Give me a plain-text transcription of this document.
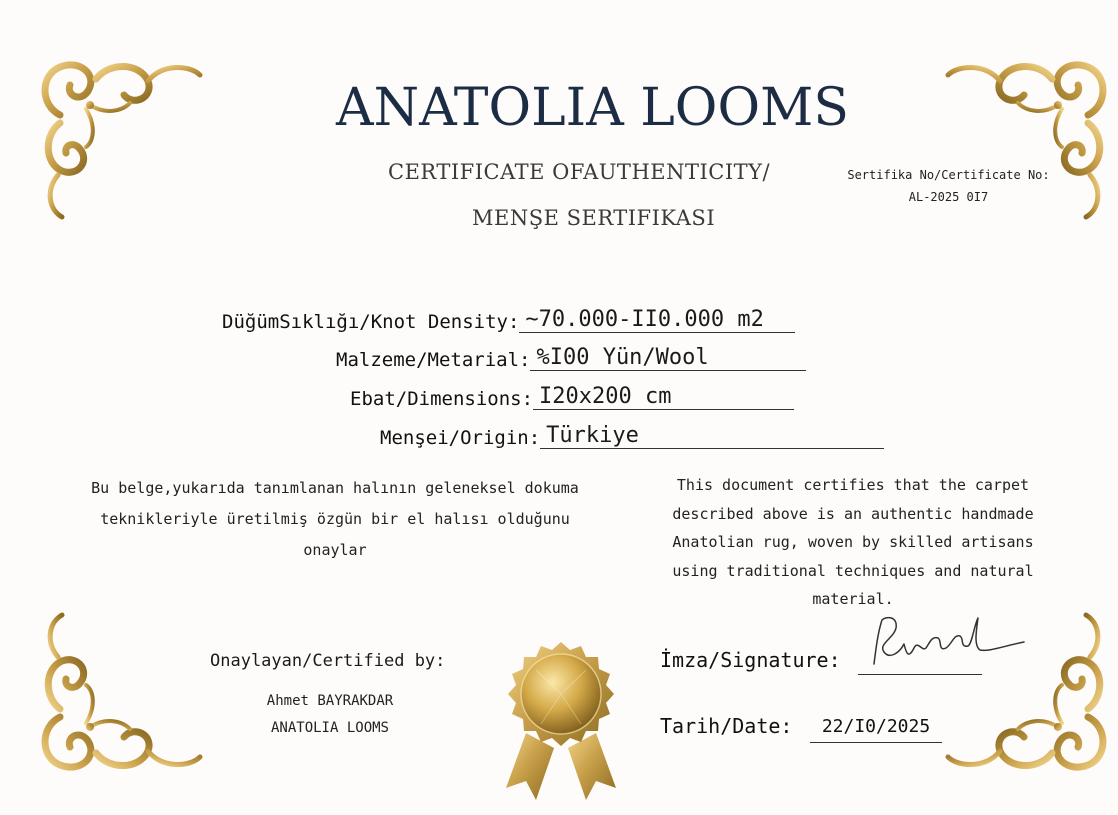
ANATOLIA LOOMS
CERTIFICATE OFAUTHENTICITY/
MENŞE SERTIFIKASI
Sertifika No/Certificate No:
AL-2025 0I7
DüğümSıklığı/Knot Density: ~70.000-II0.000 m2
Malzeme/Metarial: %I00 Yün/Wool
Ebat/Dimensions: I20x200 cm
Menşei/Origin: Türkiye
Bu belge,yukarıda tanımlanan halının geleneksel dokuma teknikleriyle üretilmiş özgün bir el halısı olduğunu onaylar
This document certifies that the carpet described above is an authentic handmade Anatolian rug, woven by skilled artisans using traditional techniques and natural material.
Onaylayan/Certified by:
Ahmet BAYRAKDAR
ANATOLIA LOOMS
İmza/Signature:
Tarih/Date:	22/I0/2025
